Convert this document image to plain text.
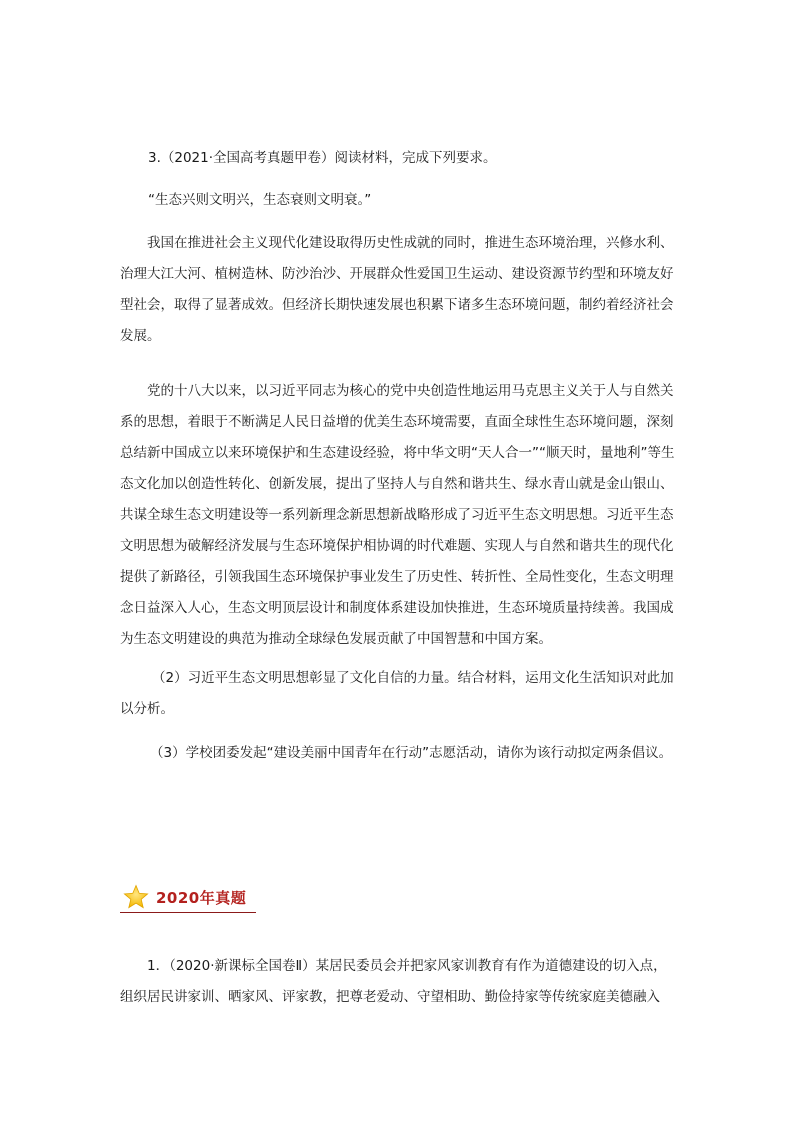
3.（2021·全国高考真题甲卷）阅读材料，完成下列要求。

“生态兴则文明兴，生态衰则文明衰。”

我国在推进社会主义现代化建设取得历史性成就的同时，推进生态环境治理，兴修水利、治理大江大河、植树造林、防沙治沙、开展群众性爱国卫生运动、建设资源节约型和环境友好型社会，取得了显著成效。但经济长期快速发展也积累下诸多生态环境问题，制约着经济社会发展。

党的十八大以来，以习近平同志为核心的党中央创造性地运用马克思主义关于人与自然关系的思想，着眼于不断满足人民日益增的优美生态环境需要，直面全球性生态环境问题，深刻总结新中国成立以来环境保护和生态建设经验，将中华文明“天人合一”“顺天时，量地利”等生态文化加以创造性转化、创新发展，提出了坚持人与自然和谐共生、绿水青山就是金山银山、共谋全球生态文明建设等一系列新理念新思想新战略形成了习近平生态文明思想。习近平生态文明思想为破解经济发展与生态环境保护相协调的时代难题、实现人与自然和谐共生的现代化提供了新路径，引领我国生态环境保护事业发生了历史性、转折性、全局性变化，生态文明理念日益深入人心，生态文明顶层设计和制度体系建设加快推进，生态环境质量持续善。我国成为生态文明建设的典范为推动全球绿色发展贡献了中国智慧和中国方案。

（2）习近平生态文明思想彰显了文化自信的力量。结合材料，运用文化生活知识对此加以分析。

（3）学校团委发起“建设美丽中国青年在行动”志愿活动，请你为该行动拟定两条倡议。

2020年真题

1．（2020·新课标全国卷Ⅱ）某居民委员会并把家风家训教育有作为道德建设的切入点，组织居民讲家训、晒家风、评家教，把尊老爱动、守望相助、勤俭持家等传统家庭美德融入
